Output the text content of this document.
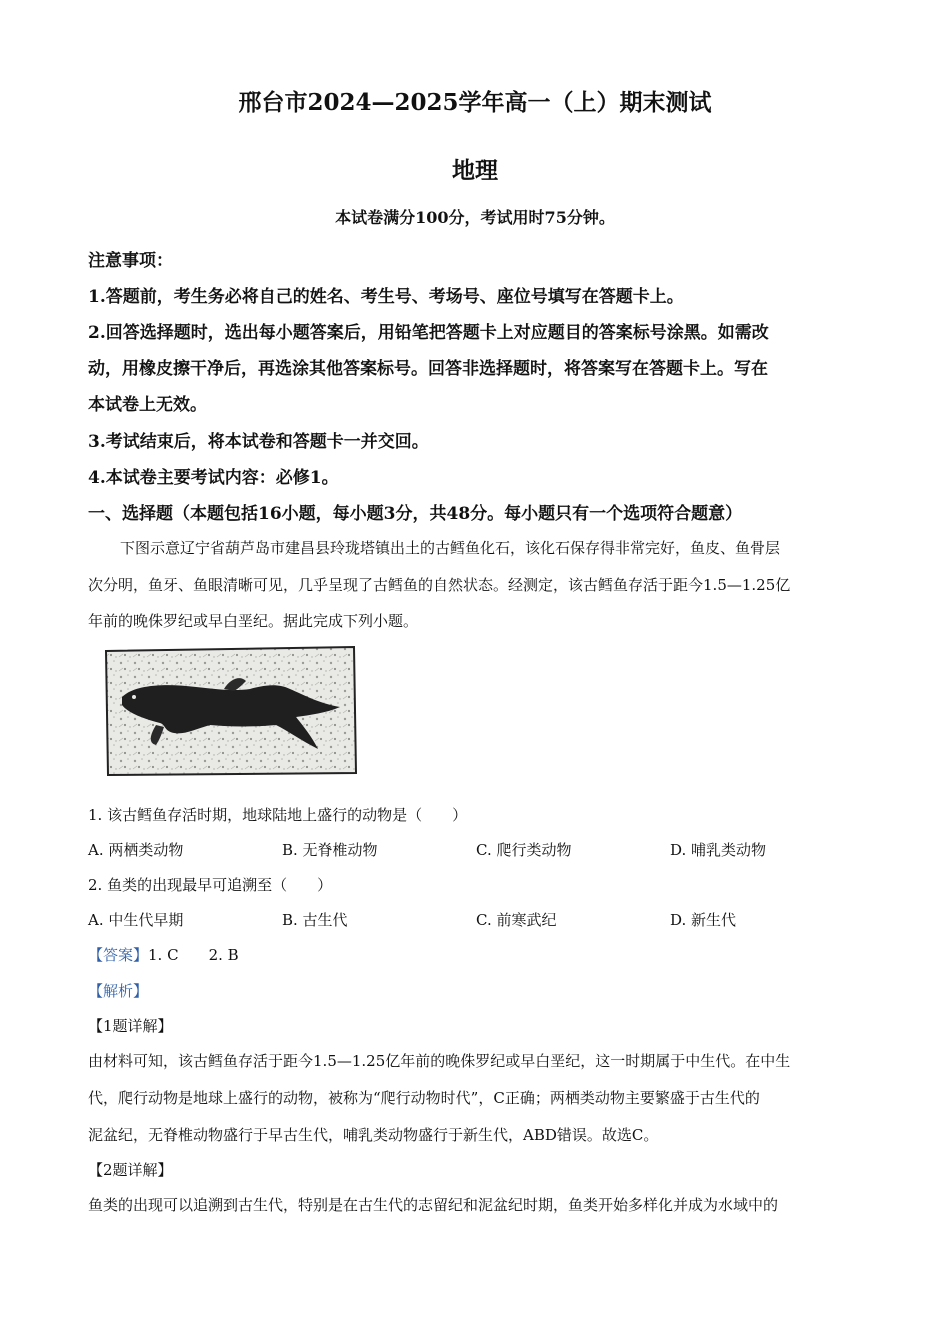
邢台市2024—2025学年高一（上）期末测试
地理
本试卷满分100分，考试用时75分钟。
注意事项：
1.答题前，考生务必将自己的姓名、考生号、考场号、座位号填写在答题卡上。
2.回答选择题时，选出每小题答案后，用铅笔把答题卡上对应题目的答案标号涂黑。如需改
动，用橡皮擦干净后，再选涂其他答案标号。回答非选择题时，将答案写在答题卡上。写在
本试卷上无效。
3.考试结束后，将本试卷和答题卡一并交回。
4.本试卷主要考试内容：必修1。
一、选择题（本题包括16小题，每小题3分，共48分。每小题只有一个选项符合题意）
下图示意辽宁省葫芦岛市建昌县玲珑塔镇出土的古鳕鱼化石，该化石保存得非常完好，鱼皮、鱼骨层
次分明，鱼牙、鱼眼清晰可见，几乎呈现了古鳕鱼的自然状态。经测定，该古鳕鱼存活于距今1.5—1.25亿
年前的晚侏罗纪或早白垩纪。据此完成下列小题。
1. 该古鳕鱼存活时期，地球陆地上盛行的动物是（　　）
A. 两栖类动物	B. 无脊椎动物	C. 爬行类动物	D. 哺乳类动物
2. 鱼类的出现最早可追溯至（　　）
A. 中生代早期	B. 古生代	C. 前寒武纪	D. 新生代
【答案】1. C　　2. B
【解析】
【1题详解】
由材料可知，该古鳕鱼存活于距今1.5—1.25亿年前的晚侏罗纪或早白垩纪，这一时期属于中生代。在中生
代，爬行动物是地球上盛行的动物，被称为“爬行动物时代”，C正确；两栖类动物主要繁盛于古生代的
泥盆纪，无脊椎动物盛行于早古生代，哺乳类动物盛行于新生代，ABD错误。故选C。
【2题详解】
鱼类的出现可以追溯到古生代，特别是在古生代的志留纪和泥盆纪时期，鱼类开始多样化并成为水域中的
